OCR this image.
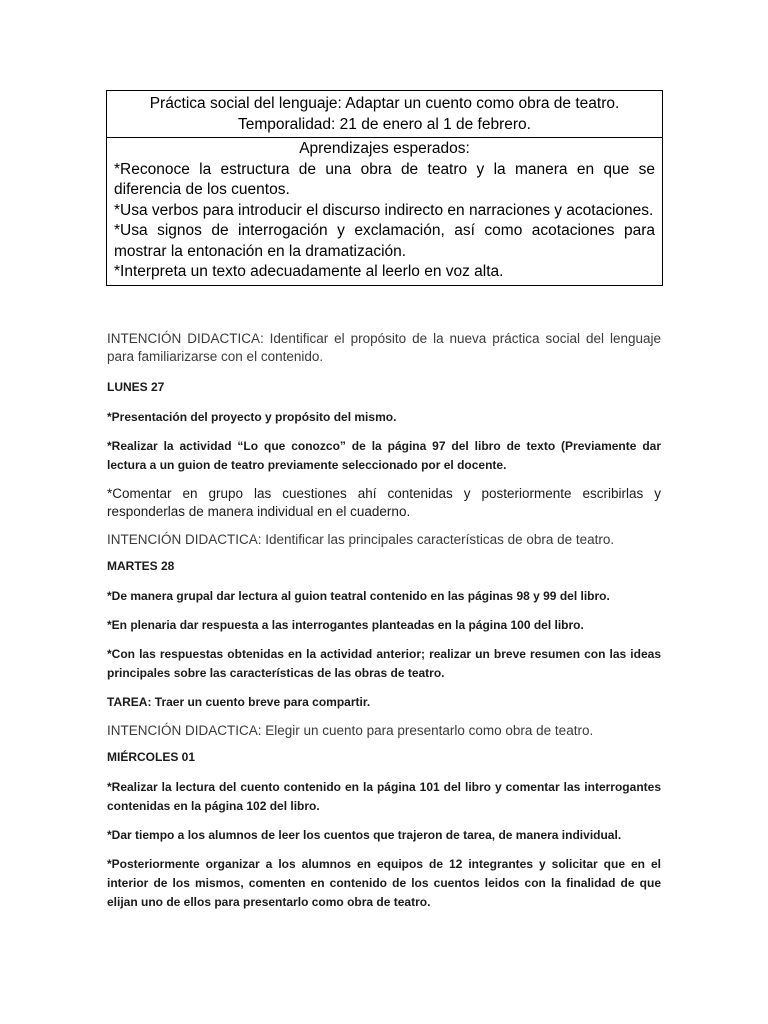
Práctica social del lenguaje: Adaptar un cuento como obra de teatro.
Temporalidad: 21 de enero al 1 de febrero.
Aprendizajes esperados:
*Reconoce la estructura de una obra de teatro y la manera en que se diferencia de los cuentos.
*Usa verbos para introducir el discurso indirecto en narraciones y acotaciones.
*Usa signos de interrogación y exclamación, así como acotaciones para mostrar la entonación en la dramatización.
*Interpreta un texto adecuadamente al leerlo en voz alta.

INTENCIÓN DIDACTICA: Identificar el propósito de la nueva práctica social del lenguaje para familiarizarse con el contenido.

LUNES 27

*Presentación del proyecto y propósito del mismo.

*Realizar la actividad “Lo que conozco” de la página 97 del libro de texto (Previamente dar lectura a un guion de teatro previamente seleccionado por el docente.

*Comentar en grupo las cuestiones ahí contenidas y posteriormente escribirlas y responderlas de manera individual en el cuaderno.

INTENCIÓN DIDACTICA: Identificar las principales características de obra de teatro.

MARTES 28

*De manera grupal dar lectura al guion teatral contenido en las páginas 98 y 99 del libro.

*En plenaria dar respuesta a las interrogantes planteadas en la página 100 del libro.

*Con las respuestas obtenidas en la actividad anterior; realizar un breve resumen con las ideas principales sobre las características de las obras de teatro.

TAREA: Traer un cuento breve para compartir.

INTENCIÓN DIDACTICA: Elegir un cuento para presentarlo como obra de teatro.

MIÉRCOLES 01

*Realizar la lectura del cuento contenido en la página 101 del libro y comentar las interrogantes contenidas en la página 102 del libro.

*Dar tiempo a los alumnos de leer los cuentos que trajeron de tarea, de manera individual.

*Posteriormente organizar a los alumnos en equipos de 12 integrantes y solicitar que en el interior de los mismos, comenten en contenido de los cuentos leidos con la finalidad de que elijan uno de ellos para presentarlo como obra de teatro.
